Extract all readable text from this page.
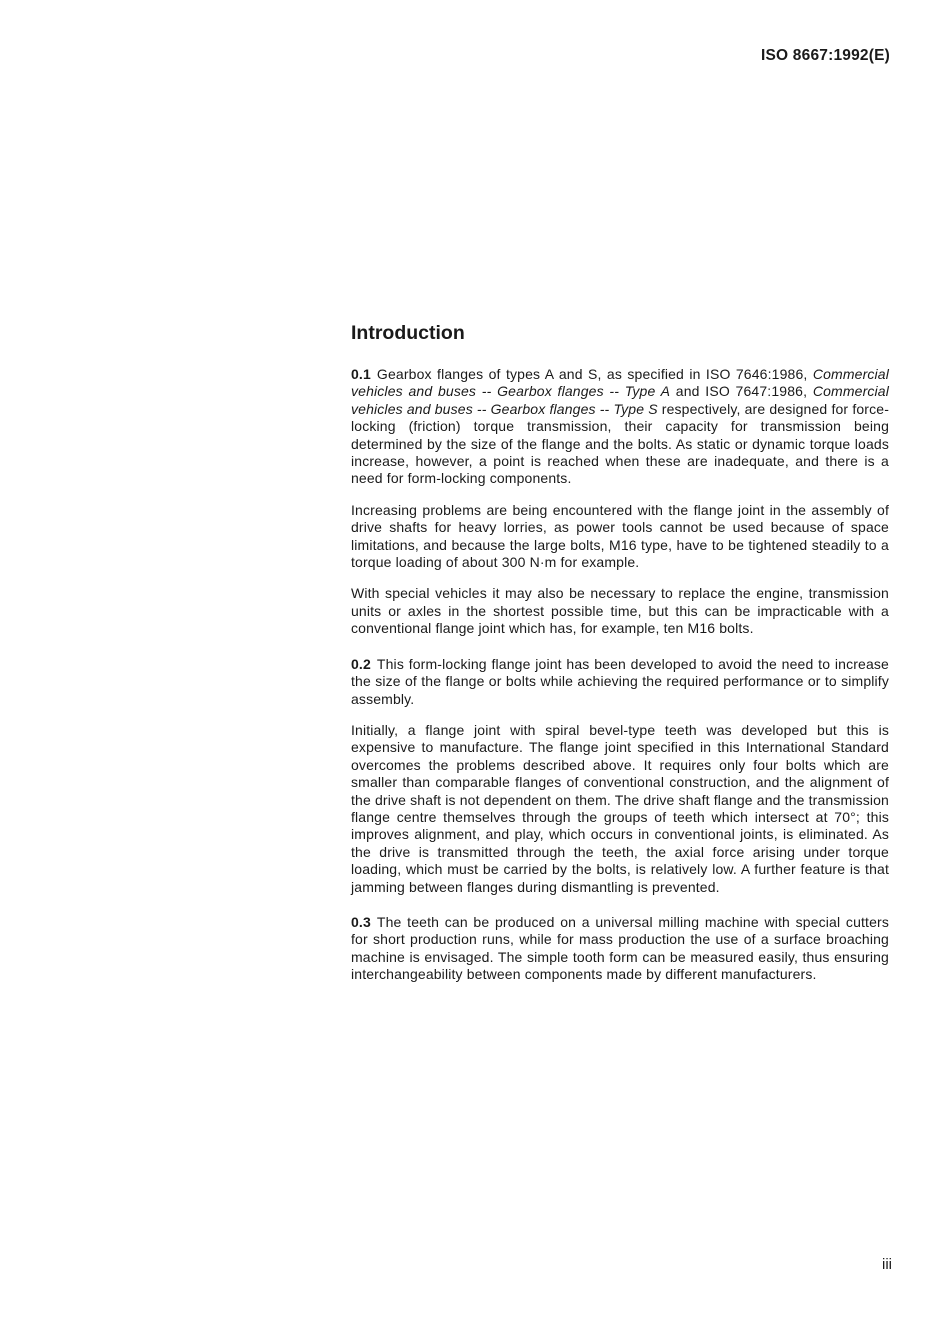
ISO 8667:1992(E)
Introduction

0.1 Gearbox flanges of types A and S, as specified in ISO 7646:1986, Commercial vehicles and buses -- Gearbox flanges -- Type A and ISO 7647:1986, Commercial vehicles and buses -- Gearbox flanges -- Type S respectively, are designed for force-locking (friction) torque transmission, their capacity for transmission being determined by the size of the flange and the bolts. As static or dynamic torque loads increase, however, a point is reached when these are inadequate, and there is a need for form-locking components.

Increasing problems are being encountered with the flange joint in the assembly of drive shafts for heavy lorries, as power tools cannot be used because of space limitations, and because the large bolts, M16 type, have to be tightened steadily to a torque loading of about 300 N·m for example.

With special vehicles it may also be necessary to replace the engine, transmission units or axles in the shortest possible time, but this can be impracticable with a conventional flange joint which has, for example, ten M16 bolts.

0.2 This form-locking flange joint has been developed to avoid the need to increase the size of the flange or bolts while achieving the required performance or to simplify assembly.

Initially, a flange joint with spiral bevel-type teeth was developed but this is expensive to manufacture. The flange joint specified in this International Standard overcomes the problems described above. It requires only four bolts which are smaller than comparable flanges of conventional construction, and the alignment of the drive shaft is not dependent on them. The drive shaft flange and the transmission flange centre themselves through the groups of teeth which intersect at 70°; this improves alignment, and play, which occurs in conventional joints, is eliminated. As the drive is transmitted through the teeth, the axial force arising under torque loading, which must be carried by the bolts, is relatively low. A further feature is that jamming between flanges during dismantling is prevented.

0.3 The teeth can be produced on a universal milling machine with special cutters for short production runs, while for mass production the use of a surface broaching machine is envisaged. The simple tooth form can be measured easily, thus ensuring interchangeability between components made by different manufacturers.

iii
